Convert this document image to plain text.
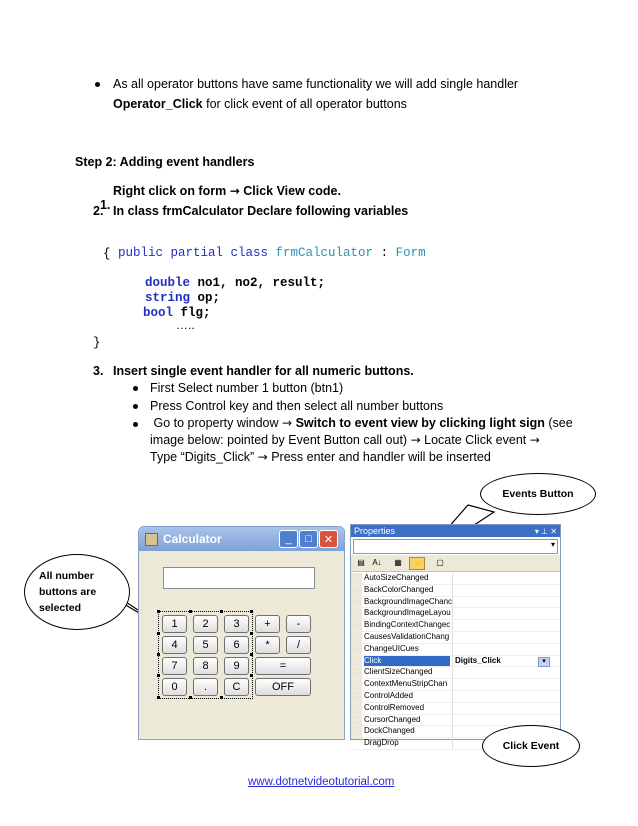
As all operator buttons have same functionality we will add single handler
Operator_Click for click event of all operator buttons
Step 2: Adding event handlers

1.

Right click on form → Click View code.

2. In class frmCalculator Declare following variables

public partial class frmCalculator : Form

{

double no1, no2, result;

string op;

bool flg;

…..
}
3. Insert single event handler for all numeric buttons.
First Select number 1 button (btn1)
Press Control key and then select all number buttons
Go to property window → Switch to event view by clicking light sign (see
image below: pointed by Event Button call out) → Locate Click event →
Type “Digits_Click” → Press enter and handler will be inserted
Calculator	_	□	✕
1	2	3	+	-
4	5	6	*	/
7	8	9	=
0	.	C	OFF
Properties	▾ ⊥ ✕
▾
▤ A↓	▦	⚡	▢
AutoSizeChanged
BackColorChanged
BackgroundImageChanc
BackgroundImageLayou
BindingContextChangec
CausesValidationChang
ChangeUICues
Click	Digits_Click	▾
ClientSizeChanged
ContextMenuStripChan
ControlAdded
ControlRemoved
CursorChanged
DockChanged
DragDrop
Events Button
All number
buttons are
selected
Click Event
www.dotnetvideotutorial.com
